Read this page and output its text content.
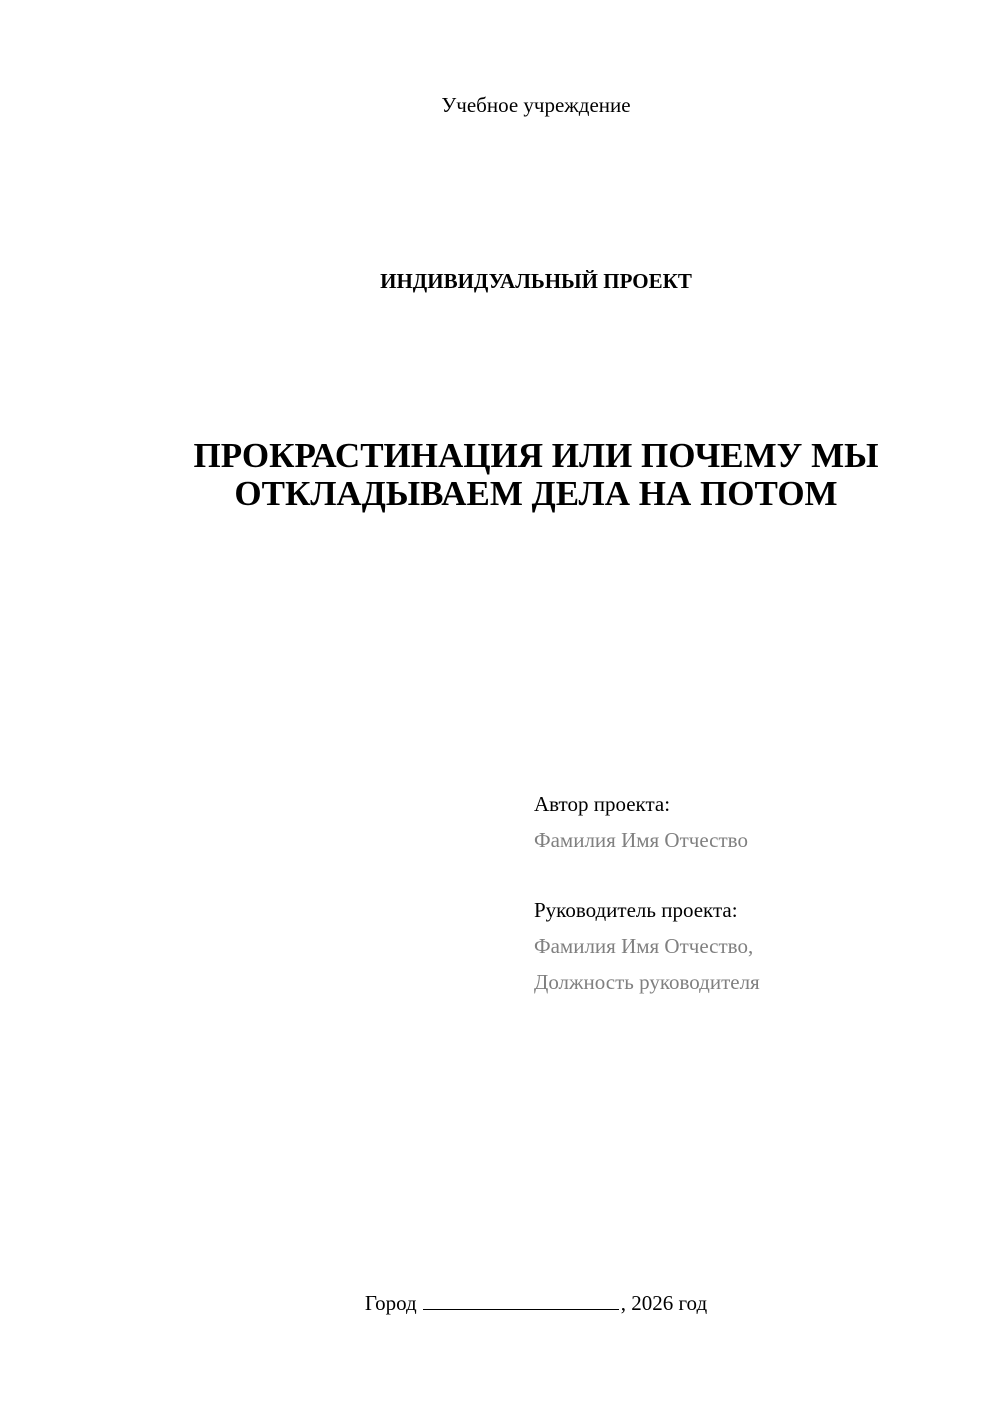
Учебное учреждение
ИНДИВИДУАЛЬНЫЙ ПРОЕКТ
ПРОКРАСТИНАЦИЯ ИЛИ ПОЧЕМУ МЫ
ОТКЛАДЫВАЕМ ДЕЛА НА ПОТОМ
Автор проекта:
Фамилия Имя Отчество
Руководитель проекта:
Фамилия Имя Отчество,
Должность руководителя
Город	, 2026 год
